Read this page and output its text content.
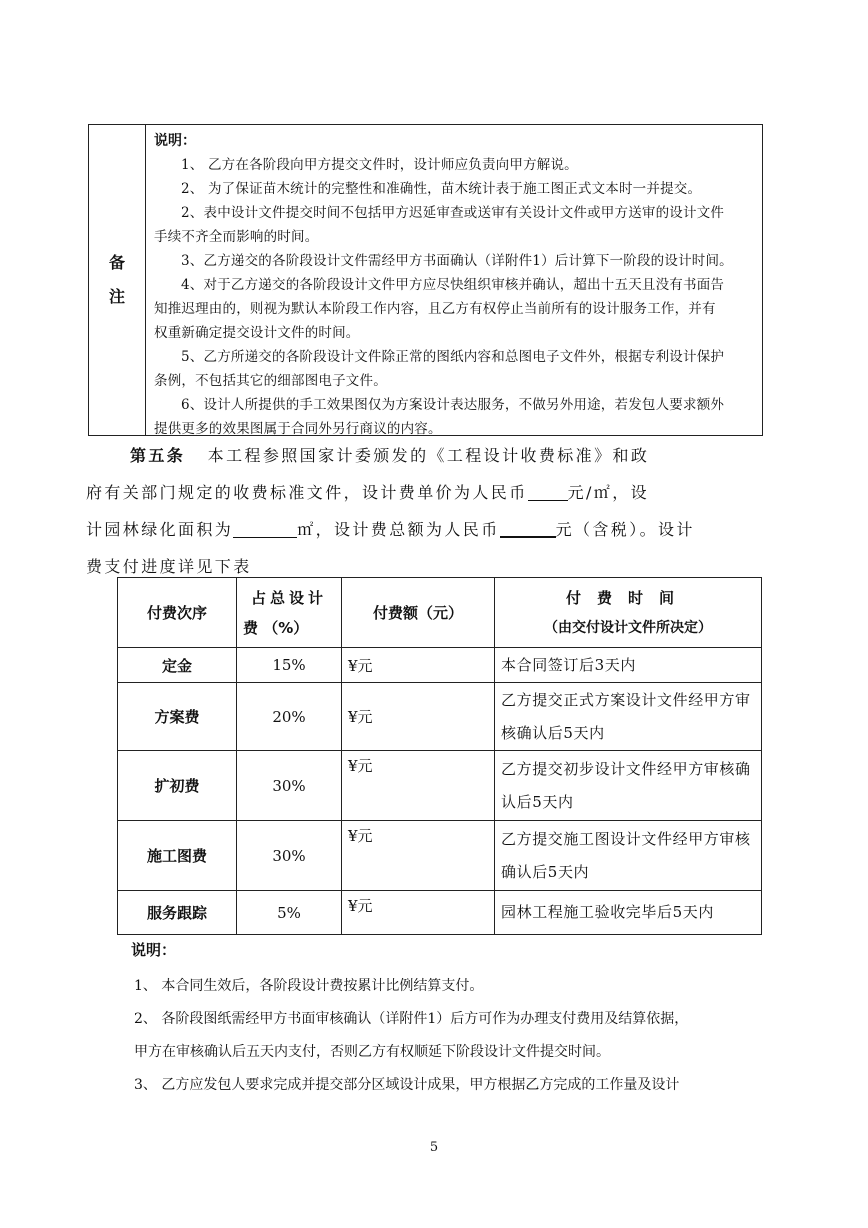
备
注
说明：

1、 乙方在各阶段向甲方提交文件时，设计师应负责向甲方解说。

2、 为了保证苗木统计的完整性和准确性，苗木统计表于施工图正式文本时一并提交。

2、表中设计文件提交时间不包括甲方迟延审查或送审有关设计文件或甲方送审的设计文件

手续不齐全而影响的时间。

3、乙方递交的各阶段设计文件需经甲方书面确认（详附件1）后计算下一阶段的设计时间。

4、对于乙方递交的各阶段设计文件甲方应尽快组织审核并确认，超出十五天且没有书面告

知推迟理由的，则视为默认本阶段工作内容，且乙方有权停止当前所有的设计服务工作，并有

权重新确定提交设计文件的时间。

5、乙方所递交的各阶段设计文件除正常的图纸内容和总图电子文件外，根据专利设计保护

条例，不包括其它的细部图电子文件。

6、设计人所提供的手工效果图仅为方案设计表达服务，不做另外用途，若发包人要求额外

提供更多的效果图属于合同外另行商议的内容。

第五条 本工程参照国家计委颁发的《工程设计收费标准》和政

府有关部门规定的收费标准文件，设计费单价为人民币	元/㎡，设

计园林绿化面积为	㎡，设计费总额为人民币	元（含税）。设计

费支付进度详见下表

付费次序	占总设计
费 （%）	付费额（元）	付费时间
（由交付设计文件所决定）

定金	15%	¥元	本合同签订后3天内
方案费	20%	¥元	乙方提交正式方案设计文件经甲方审核确认后5天内
扩初费	30%	¥元	乙方提交初步设计文件经甲方审核确认后5天内
施工图费	30%	¥元	乙方提交施工图设计文件经甲方审核确认后5天内
服务跟踪	5%	¥元	园林工程施工验收完毕后5天内
说明：

1、 本合同生效后，各阶段设计费按累计比例结算支付。

2、 各阶段图纸需经甲方书面审核确认（详附件1）后方可作为办理支付费用及结算依据，

甲方在审核确认后五天内支付，否则乙方有权顺延下阶段设计文件提交时间。

3、 乙方应发包人要求完成并提交部分区域设计成果，甲方根据乙方完成的工作量及设计

5
